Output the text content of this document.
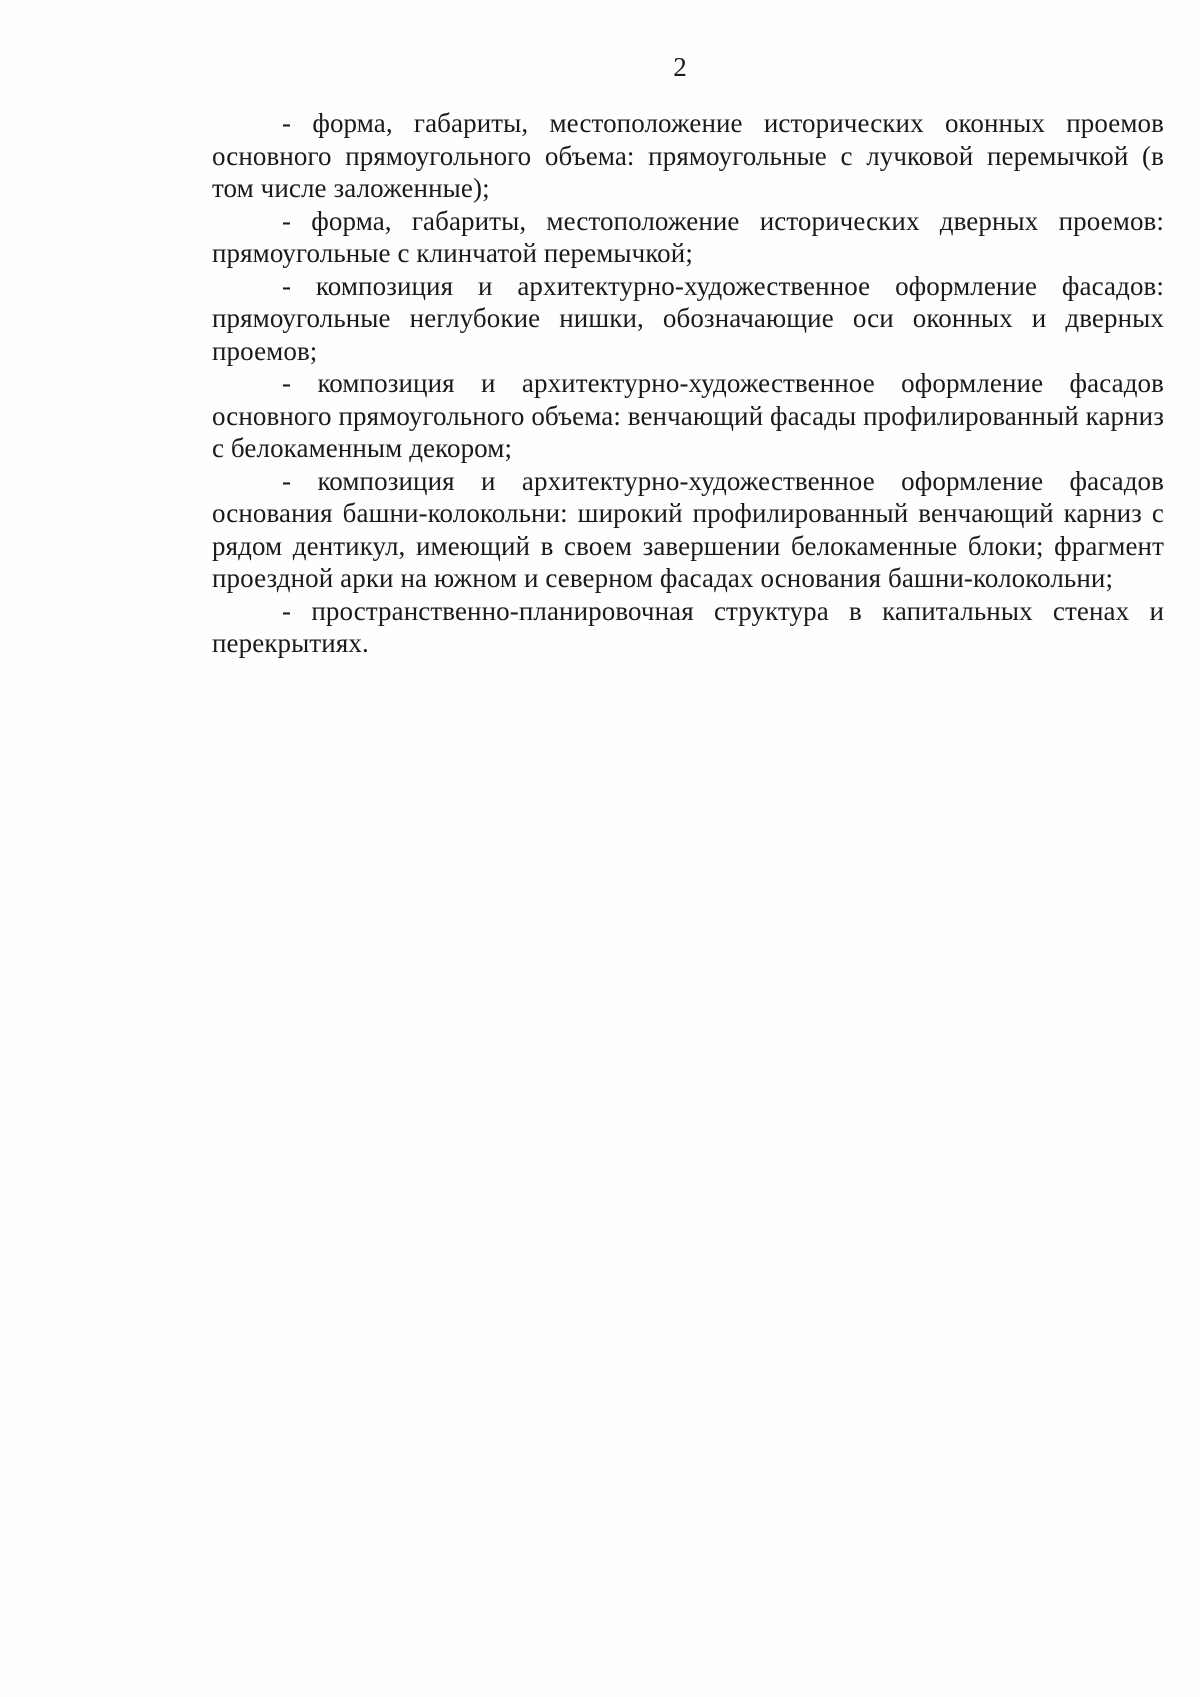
2

- форма, габариты, местоположение исторических оконных проемов основного прямоугольного объема: прямоугольные с лучковой перемычкой (в том числе заложенные);

- форма, габариты, местоположение исторических дверных проемов: прямоугольные с клинчатой перемычкой;

- композиция и архитектурно-художественное оформление фасадов: прямоугольные неглубокие нишки, обозначающие оси оконных и дверных проемов;

- композиция и архитектурно-художественное оформление фасадов основного прямоугольного объема: венчающий фасады профилированный карниз с белокаменным декором;

- композиция и архитектурно-художественное оформление фасадов основания башни-колокольни: широкий профилированный венчающий карниз с рядом дентикул, имеющий в своем завершении белокаменные блоки; фрагмент проездной арки на южном и северном фасадах основания башни-колокольни;

- пространственно-планировочная структура в капитальных стенах и перекрытиях.
